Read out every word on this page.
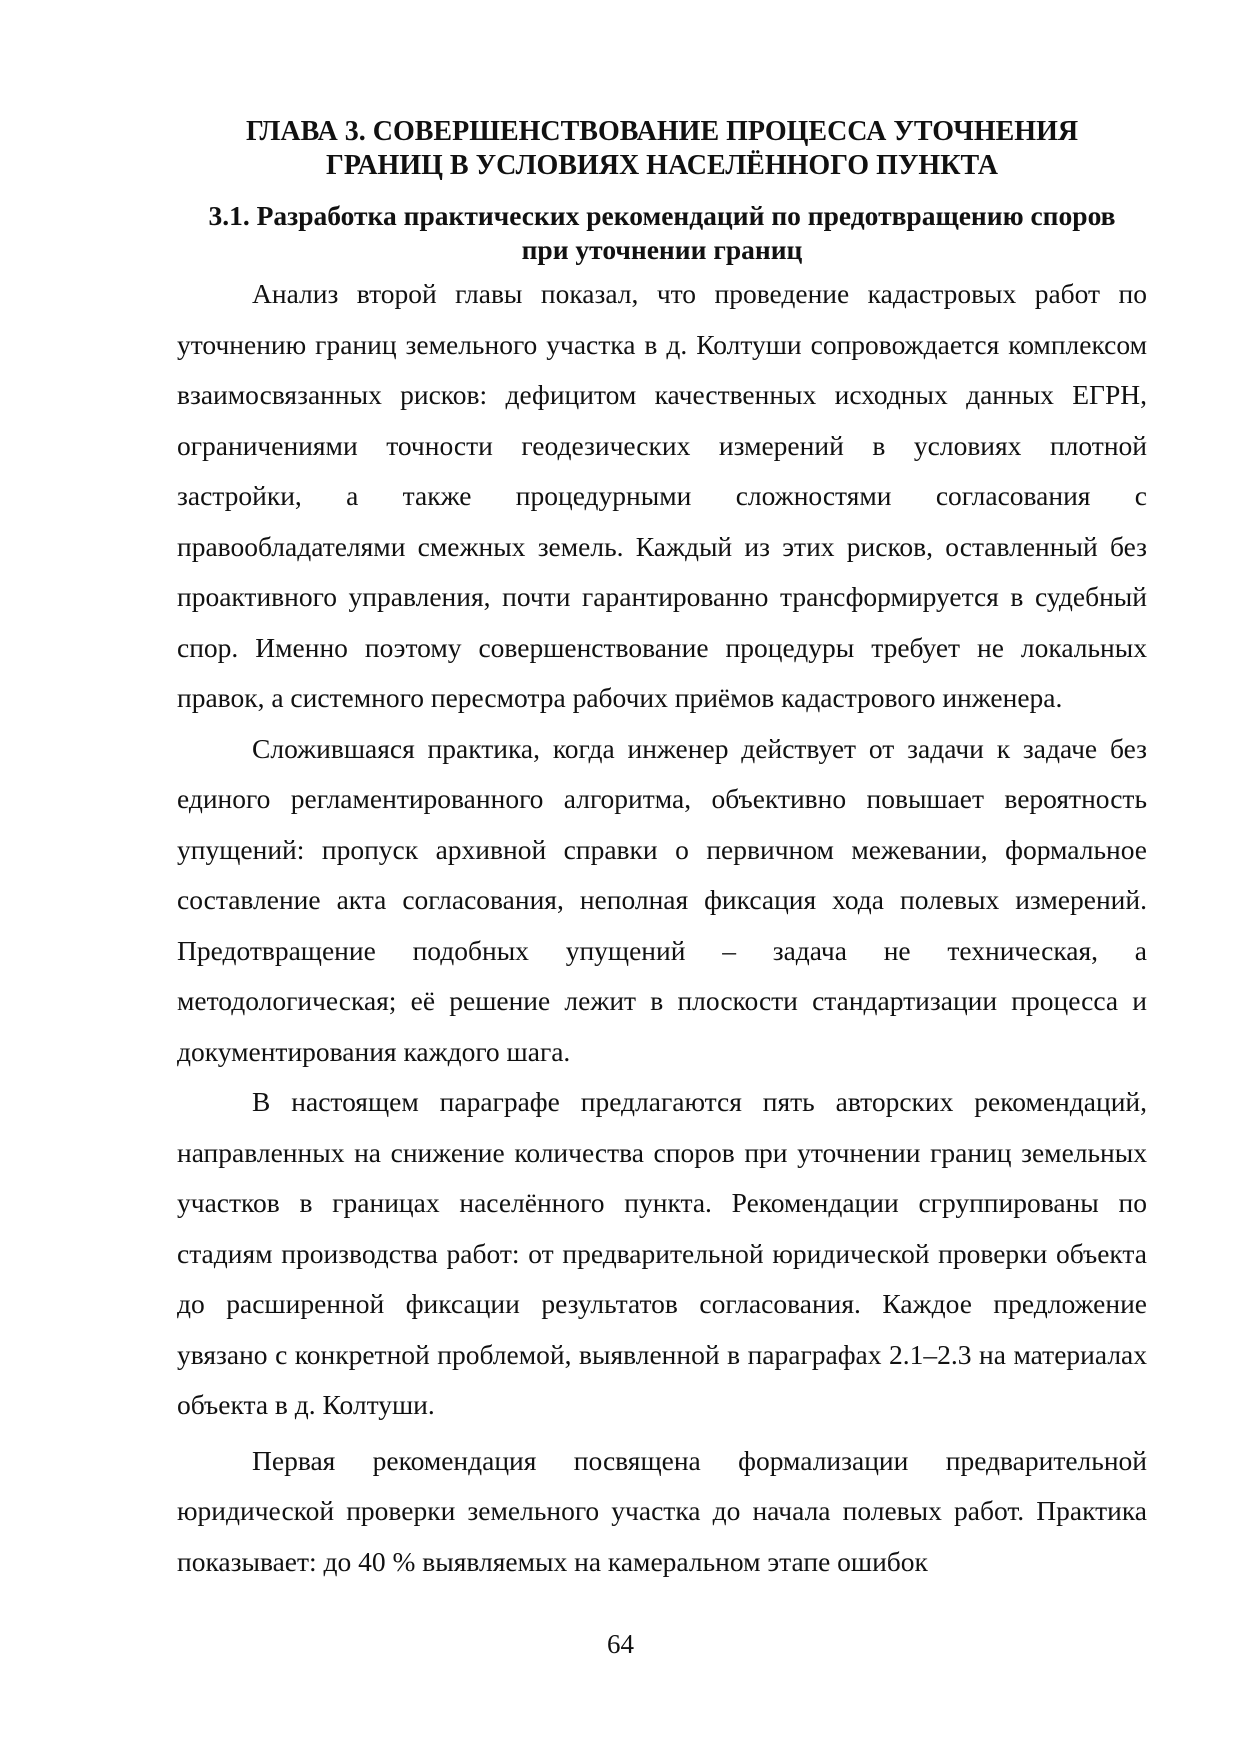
ГЛАВА 3. СОВЕРШЕНСТВОВАНИЕ ПРОЦЕССА УТОЧНЕНИЯ
ГРАНИЦ В УСЛОВИЯХ НАСЕЛЁННОГО ПУНКТА
3.1. Разработка практических рекомендаций по предотвращению споров
при уточнении границ

Анализ второй главы показал, что проведение кадастровых работ по уточнению границ земельного участка в д. Колтуши сопровождается комплексом взаимосвязанных рисков: дефицитом качественных исходных данных ЕГРН, ограничениями точности геодезических измерений в условиях плотной застройки, а также процедурными сложностями согласования с правообладателями смежных земель. Каждый из этих рисков, оставленный без проактивного управления, почти гарантированно трансформируется в судебный спор. Именно поэтому совершенствование процедуры требует не локальных правок, а системного пересмотра рабочих приёмов кадастрового инженера.

Сложившаяся практика, когда инженер действует от задачи к задаче без единого регламентированного алгоритма, объективно повышает вероятность упущений: пропуск архивной справки о первичном межевании, формальное составление акта согласования, неполная фиксация хода полевых измерений. Предотвращение подобных упущений – задача не техническая, а методологическая; её решение лежит в плоскости стандартизации процесса и документирования каждого шага.

В настоящем параграфе предлагаются пять авторских рекомендаций, направленных на снижение количества споров при уточнении границ земельных участков в границах населённого пункта. Рекомендации сгруппированы по стадиям производства работ: от предварительной юридической проверки объекта до расширенной фиксации результатов согласования. Каждое предложение увязано с конкретной проблемой, выявленной в параграфах 2.1–2.3 на материалах объекта в д. Колтуши.

Первая рекомендация посвящена формализации предварительной юридической проверки земельного участка до начала полевых работ. Практика показывает: до 40 % выявляемых на камеральном этапе ошибок

64
